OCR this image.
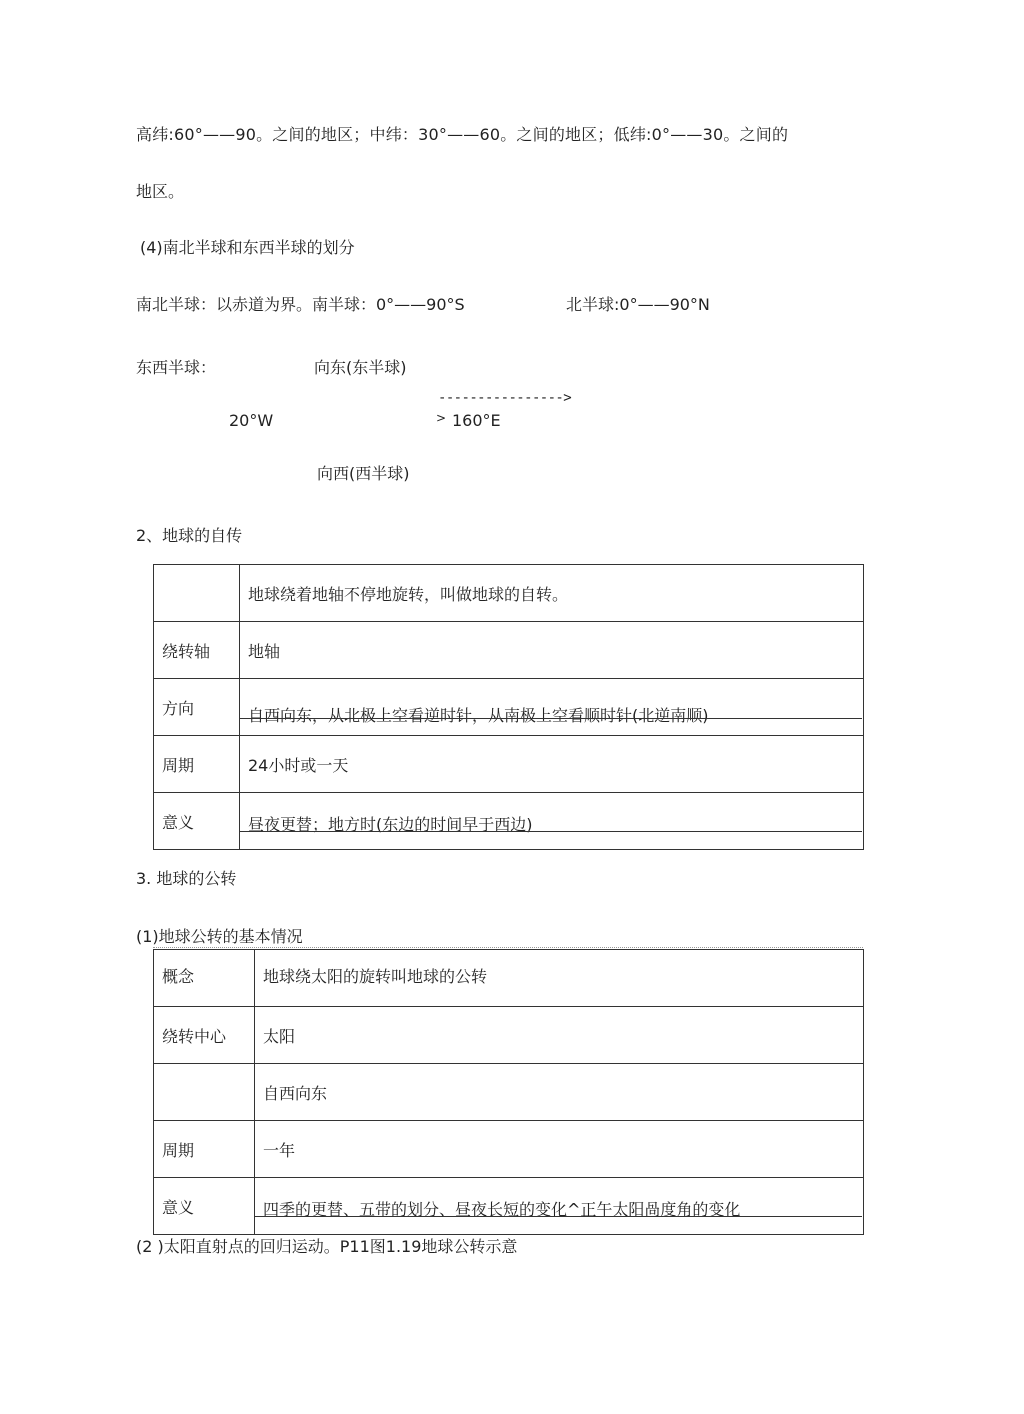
高纬:60°——90。之间的地区；中纬：30°——60。之间的地区；低纬:0°——30。之间的
地区。
(4)南北半球和东西半球的划分
南北半球：以赤道为界。南半球：0°——90°S	北半球:0°——90°N
东西半球：	向东(东半球)
---------------->
20°W	> 160°E
向西(西半球)
2、地球的自传
	地球绕着地轴不停地旋转，叫做地球的自转。
绕转轴	地轴
方向	自西向东，从北极上空看逆时针，从南极上空看顺时针(北逆南顺)
周期	24小时或一天
意义	昼夜更替；地方时(东边的时间早于西边)
3. 地球的公转
(1)地球公转的基本情况
概念	地球绕太阳的旋转叫地球的公转
绕转中心	太阳
	自西向东
周期	一年
意义	四季的更替、五带的划分、昼夜长短的变化^正午太阳咼度角的变化
(2 )太阳直射点的回归运动。P11图1.19地球公转示意
